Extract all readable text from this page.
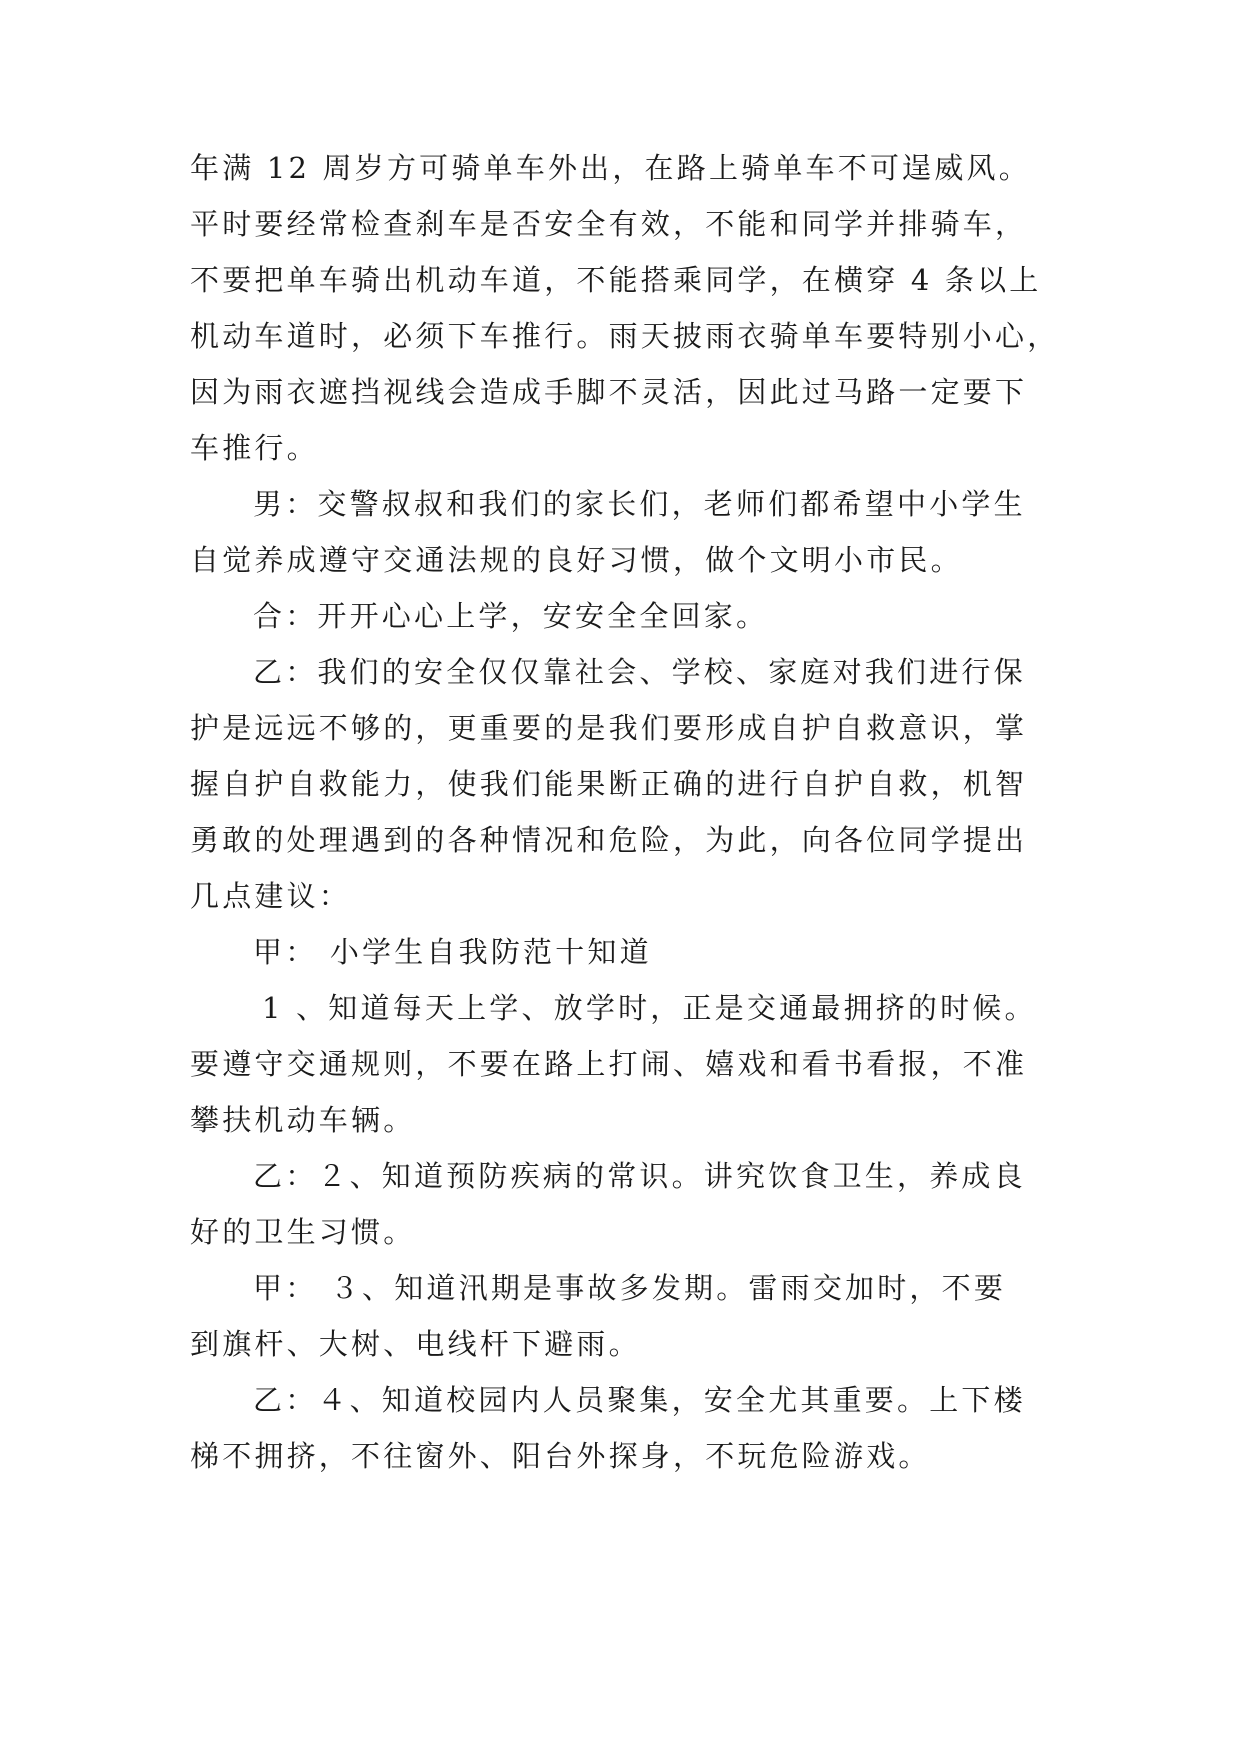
年满 12 周岁方可骑单车外出，在路上骑单车不可逞威风。
平时要经常检查刹车是否安全有效，不能和同学并排骑车，
不要把单车骑出机动车道，不能搭乘同学，在横穿 4 条以上
机动车道时，必须下车推行。雨天披雨衣骑单车要特别小心，
因为雨衣遮挡视线会造成手脚不灵活，因此过马路一定要下
车推行。
男：交警叔叔和我们的家长们，老师们都希望中小学生
自觉养成遵守交通法规的良好习惯，做个文明小市民。
合：开开心心上学，安安全全回家。
乙：我们的安全仅仅靠社会、学校、家庭对我们进行保
护是远远不够的，更重要的是我们要形成自护自救意识，掌
握自护自救能力，使我们能果断正确的进行自护自救，机智
勇敢的处理遇到的各种情况和危险，为此，向各位同学提出
几点建议：
甲： 小学生自我防范十知道
1 、知道每天上学、放学时，正是交通最拥挤的时候。
要遵守交通规则，不要在路上打闹、嬉戏和看书看报，不准
攀扶机动车辆。
乙：２、知道预防疾病的常识。讲究饮食卫生，养成良
好的卫生习惯。
甲： ３、知道汛期是事故多发期。雷雨交加时，不要
到旗杆、大树、电线杆下避雨。
乙：４、知道校园内人员聚集，安全尤其重要。上下楼
梯不拥挤，不往窗外、阳台外探身，不玩危险游戏。
